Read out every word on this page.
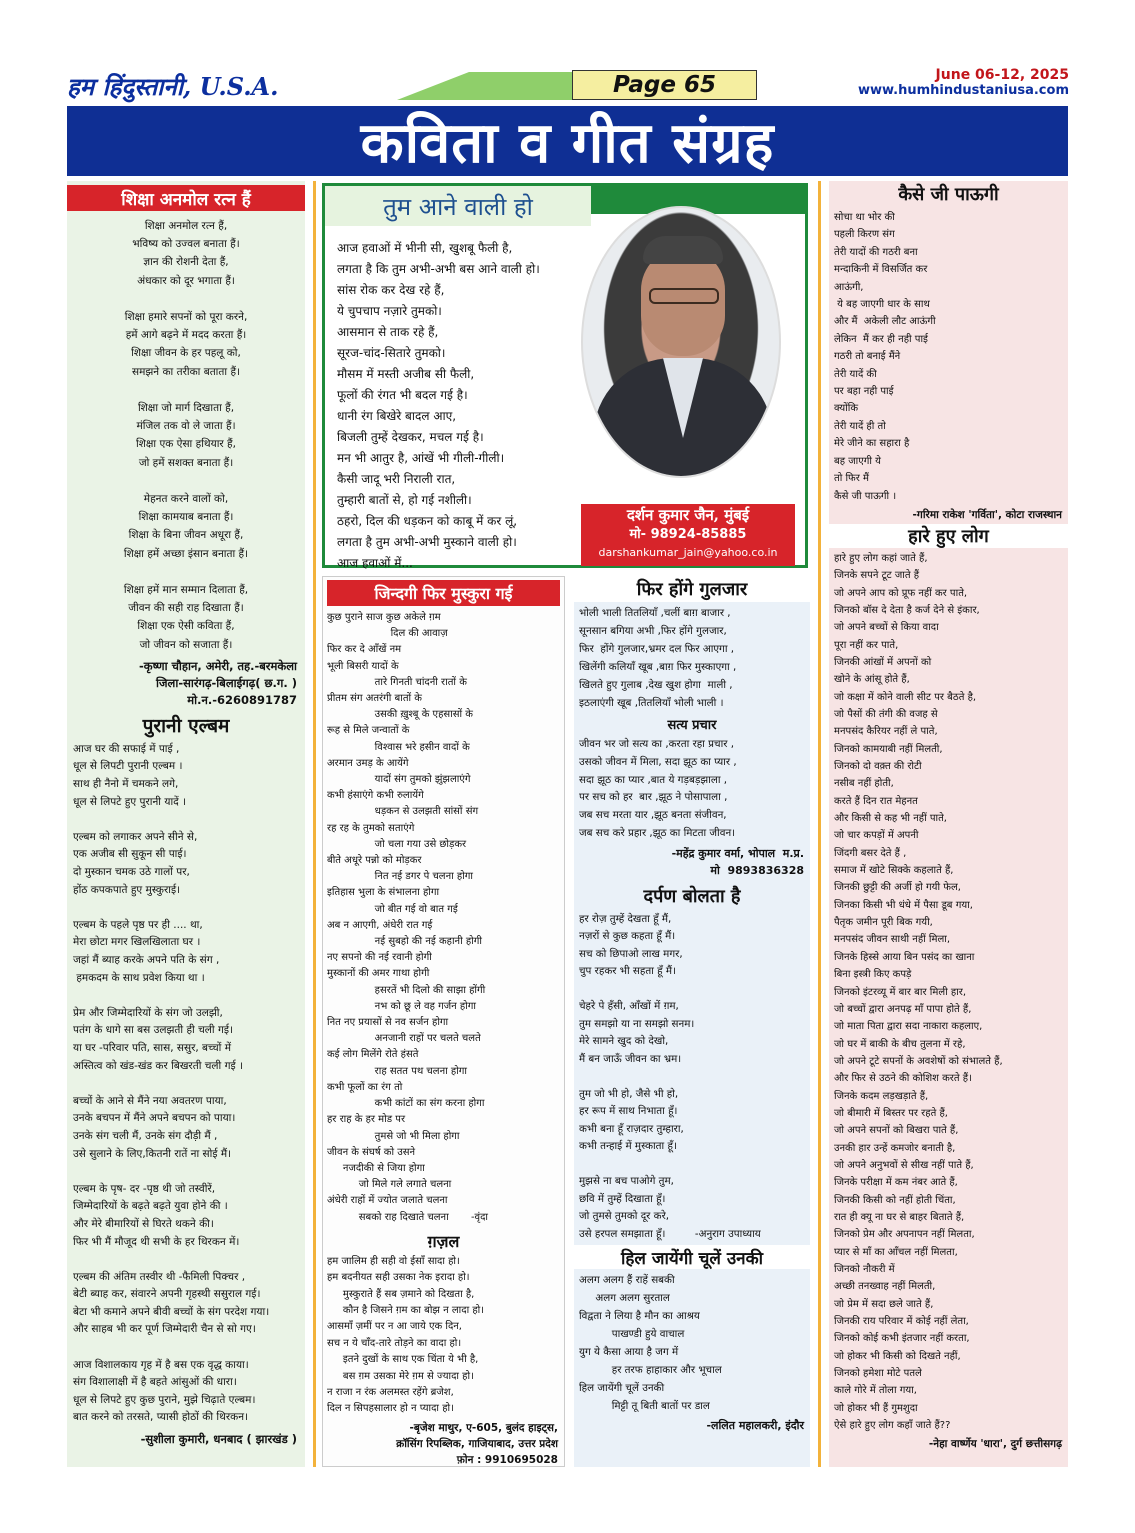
हम हिंदुस्तानी, U.S.A.	Page 65	June 06-12, 2025
www.humhindustaniusa.com
कविता व गीत संग्रह
शिक्षा अनमोल रत्न हैं
शिक्षा अनमोल रत्न हैं,
भविष्य को उज्वल बनाता हैं।
ज्ञान की रोशनी देता हैं,
अंधकार को दूर भगाता हैं।

शिक्षा हमारे सपनों को पूरा करने,
हमें आगे बढ़ने में मदद करता हैं।
शिक्षा जीवन के हर पहलू को,
समझने का तरीका बताता हैं।

शिक्षा जो मार्ग दिखाता हैं,
मंजिल तक वो ले जाता हैं।
शिक्षा एक ऐसा हथियार हैं,
जो हमें सशक्त बनाता हैं।

मेहनत करने वालों को,
शिक्षा कामयाब बनाता हैं।
शिक्षा के बिना जीवन अधूरा हैं,
शिक्षा हमें अच्छा इंसान बनाता हैं।

शिक्षा हमें मान सम्मान दिलाता हैं,
जीवन की सही राह दिखाता हैं।
शिक्षा एक ऐसी कविता हैं,
जो जीवन को सजाता हैं।
-कृष्णा चौहान, अमेरी, तह.-बरमकेला
जिला-सारंगढ़-बिलाईगढ़( छ.ग. )
मो.न.-6260891787
पुरानी एल्बम
आज घर की सफाई में पाई ,
धूल से लिपटी पुरानी एल्बम ।
साथ ही नैनो में चमकने लगे,
धूल से लिपटे हुए पुरानी यादें ।

एल्बम को लगाकर अपने सीने से,
एक अजीब सी सुकून सी पाई।
दो मुस्कान चमक उठे गालों पर,
होंठ कपकपाते हुए मुस्कुराई।

एल्बम के पहले पृष्ठ पर ही .... था,
मेरा छोटा मगर खिलखिलाता घर ।
जहां मैं ब्याह करके अपने पति के संग ,
हमकदम के साथ प्रवेश किया था ।

प्रेम और जिम्मेदारियों के संग जो उलझी,
पतंग के धागे सा बस उलझती ही चली गई।
या घर -परिवार पति, सास, ससुर, बच्चों में
अस्तित्व को खंड-खंड कर बिखरती चली गई ।

बच्चों के आने से मैंने नया अवतरण पाया,
उनके बचपन में मैंने अपने बचपन को पाया।
उनके संग चली मैं, उनके संग दौड़ी मैं ,
उसे सुलाने के लिए,कितनी रातें ना सोई मैं।

एल्बम के पृष- दर -पृष्ठ थी जो तस्वीरें,
जिम्मेदारियों के बढ़ते बढ़ते युवा होने की ।
और मेरे बीमारियों से घिरते थकने की।
फिर भी मैं मौजूद थी सभी के हर थिरकन में।

एल्बम की अंतिम तस्वीर थी -फैमिली पिक्चर ,
बेटी ब्याह कर, संवारने अपनी गृहस्थी ससुराल गई।
बेटा भी कमाने अपने बीवी बच्चों के संग परदेश गया।
और साहब भी कर पूर्ण जिम्मेदारी चैन से सो गए।

आज विशालकाय गृह में है बस एक वृद्ध काया।
संग विशालाक्षी में है बहते आंसुओं की धारा।
धूल से लिपटे हुए कुछ पुराने, मुझे चिढ़ाते एल्बम।
बात करने को तरसते, प्यासी होठों की थिरकन।
-सुशीला कुमारी, धनबाद ( झारखंड )
तुम आने वाली हो
आज हवाओं में भीनी सी, खुशबू फैली है,
लगता है कि तुम अभी-अभी बस आने वाली हो।
सांस रोक कर देख रहे हैं,
ये चुपचाप नज़ारे तुमको।
आसमान से ताक रहे हैं,
सूरज-चांद-सितारे तुमको।
मौसम में मस्ती अजीब सी फैली,
फूलों की रंगत भी बदल गई है।
धानी रंग बिखेरे बादल आए,
बिजली तुम्हें देखकर, मचल गई है।
मन भी आतुर है, आंखें भी गीली-गीली।
कैसी जादू भरी निराली रात,
तुम्हारी बातों से, हो गई नशीली।
ठहरो, दिल की धड़कन को काबू में कर लूं,
लगता है तुम अभी-अभी मुस्काने वाली हो।
आज हवाओं में...
दर्शन कुमार जैन, मुंबई
मो- 98924-85885
darshankumar_jain@yahoo.co.in
जिन्दगी फिर मुस्कुरा गई
कुछ पुराने साज कुछ अकेले ग़म
दिल की आवाज़
फिर कर दे आँखें नम
भूली बिसरी यादों के
तारे गिनती चांदनी रातों के
प्रीतम संग अतरंगी बातों के
उसकी ख़ुश्बू के एहसासों के
रूह से मिले जन्वातों के
विश्वास भरे हसीन वादों के
अरमान उमड़ के आयेंगे
यादों संग तुमको झुंझलाएंगे
कभी हंसाएंगे कभी रुलायेंगे
धड़कन से उलझती सांसों संग
रह रह के तुमको सताएंगे
जो चला गया उसे छोड़कर
बीते अधूरे पन्नो को मोड़कर
नित नई डगर पे चलना होगा
इतिहास भुला के संभालना होगा
जो बीत गई वो बात गई
अब न आएगी, अंधेरी रात गई
नई सुबहो की नई कहानी होगी
नए सपनो की नई रवानी होगी
मुस्कानों की अमर गाथा होगी
हसरतें भी दिलो की साझा होंगी
नभ को छू ले वह गर्जन होगा
नित नए प्रयासों से नव सर्जन होगा
अनजानी राहों पर चलते चलते
कई लोग मिलेंगे रोते हंसते
राह सतत पथ चलना होगा
कभी फूलों का रंग तो
कभी कांटों का संग करना होगा
हर राह के हर मोड पर
तुमसे जो भी मिला होगा
जीवन के संघर्ष को उसने
नजदीकी से जिया होगा
जो मिले गले लगाते चलना
अंधेरी राहों में ज्योत जलाते चलना
सबको राह दिखाते चलना       -वृंदा
ग़ज़ल
हम जालिम ही सही वो ईसाँ सादा हो।
हम बदनीयत सही उसका नेक इरादा हो।
मुस्कुराते हैं सब ज़माने को दिखता है,
कौन है जिसने ग़म का बोझ न लादा हो।
आसमाँ ज़मीं पर न आ जाये एक दिन,
सच न ये चाँद-तारे तोड़ने का वादा हो।
इतने दुखों के साथ एक चिंता ये भी है,
बस ग़म उसका मेरे ग़म से ज्यादा हो।
न राजा न रंक अलमस्त रहेंगे ब्रजेश,
दिल न सिपहसालार हो न प्यादा हो।
-बृजेश माथुर, ए-605, बुलंद हाइट्स,
क्रॉसिंग रिपब्लिक, गाजियाबाद, उत्तर प्रदेश
फ़ोन : 9910695028
फिर होंगे गुलजार
भोली भाली तितलियाँ ,चलीं बाग़ बाजार ,
सूनसान बगिया अभी ,फिर होंगे गुलजार,
फिर  होंगे गुलजार,भ्रमर दल फिर आएगा ,
खिलेंगी कलियाँ खूब ,बाग़ फिर मुस्काएगा ,
खिलते हुए गुलाब ,देख खुश होगा  माली ,
इठलाएंगी खूब ,तितलियाँ भोली भाली ।
सत्य प्रचार
जीवन भर जो सत्य का ,करता रहा प्रचार ,
उसको जीवन में मिला, सदा झूठ का प्यार ,
सदा झूठ का प्यार ,बात ये गड़बड़झाला ,
पर सच को हर  बार ,झूठ ने पोसापाला ,
जब सच मरता यार ,झूठ बनता संजीवन,
जब सच करे प्रहार ,झूठ का मिटता जीवन।
-महेंद्र कुमार वर्मा, भोपाल  म.प्र.
मो  9893836328
दर्पण बोलता है
हर रोज़ तुम्हें देखता हूँ मैं,
नज़रों से कुछ कहता हूँ मैं।
सच को छिपाओ लाख मगर,
चुप रहकर भी सहता हूँ मैं।

चेहरे पे हँसी, आँखों में ग़म,
तुम समझो या ना समझो सनम।
मेरे सामने खुद को देखो,
मैं बन जाऊँ जीवन का भ्रम।

तुम जो भी हो, जैसे भी हो,
हर रूप में साथ निभाता हूँ।
कभी बना हूँ राज़दार तुम्हारा,
कभी तन्हाई में मुस्काता हूँ।

मुझसे ना बच पाओगे तुम,
छवि में तुम्हें दिखाता हूँ।
जो तुमसे तुमको दूर करे,
उसे हरपल समझाता हूँ।         -अनुराग उपाध्याय
हिल जायेंगी चूलें उनकी
अलग अलग हैं राहें सबकी
अलग अलग सुरताल
विद्वता ने लिया है मौन का आश्रय
पाखण्डी हुये वाचाल
युग ये कैसा आया है जग में
हर तरफ हाहाकार और भूचाल
हिल जायेंगी चूलें उनकी
मिट्टी तू बिती बातों पर डाल
-ललित महालकरी, इंदौर
कैसे जी पाऊगी
सोचा था भोर की
पहली किरण संग
तेरी यादों की गठरी बना
मन्दाकिनी में विसर्जित कर
आऊंगी,
ये बह जाएगी धार के साथ
और मैं  अकेली लौट आऊंगी
लेकिन  मैं कर ही नही पाई
गठरी तो बनाई मैंने
तेरी यादें की
पर बहा नही पाई
क्योंकि
तेरी यादें ही तो
मेरे जीने का सहारा है
बह जाएगी ये
तो फिर मैं
कैसे जी पाऊगी ।
-गरिमा राकेश 'गर्विता', कोटा राजस्थान
हारे हुए लोग
हारे हुए लोग कहां जाते हैं,
जिनके सपने टूट जाते हैं
जो अपने आप को प्रूफ नहीं कर पाते,
जिनको बॉस दे देता है कर्ज देने से इंकार,
जो अपने बच्चों से किया वादा
पूरा नहीं कर पाते,
जिनकी आंखों में अपनों को
खोने के आंसू होते हैं,
जो कक्षा में कोने वाली सीट पर बैठते है,
जो पैसों की तंगी की वजह से
मनपसंद कैरियर नहीं ले पाते,
जिनको कामयाबी नहीं मिलती,
जिनको दो वक़्त की रोटी
नसीब नहीं होती,
करते हैं दिन रात मेहनत
और किसी से कह भी नहीं पाते,
जो चार कपड़ों में अपनी
जिंदगी बसर देते हैं ,
समाज में खोटे सिक्के कहलाते हैं,
जिनकी छुट्टी की अर्जी हो गयी फेल,
जिनका किसी भी धंधे में पैसा डूब गया,
पैतृक जमीन पूरी बिक गयी,
मनपसंद जीवन साथी नहीं मिला,
जिनके हिस्से आया बिन पसंद का खाना
बिना इस्त्री किए कपड़े
जिनको इंटरव्यू में बार बार मिली हार,
जो बच्चों द्वारा अनपढ़ माँ पापा होते हैं,
जो माता पिता द्वारा सदा नाकारा कहलाए,
जो घर में बाकी के बीच तुलना में रहे,
जो अपने टूटे सपनों के अवशेषों को संभालते हैं,
और फिर से उठने की कोशिश करते हैं।
जिनके कदम लड़खड़ाते हैं,
जो बीमारी में बिस्तर पर रहते हैं,
जो अपने सपनों को बिखरा पाते हैं,
उनकी हार उन्हें कमजोर बनाती है,
जो अपने अनुभवों से सीख नहीं पाते हैं,
जिनके परीक्षा में कम नंबर आते हैं,
जिनकी किसी को नहीं होती चिंता,
रात ही क्यू ना घर से बाहर बिताते हैं,
जिनको प्रेम और अपनापन नहीं मिलता,
प्यार से माँ का आँचल नहीं मिलता,
जिनको नौकरी में
अच्छी तनख्वाह नहीं मिलती,
जो प्रेम में सदा छले जाते हैं,
जिनकी राय परिवार में कोई नहीं लेता,
जिनको कोई कभी इंतजार नहीं करता,
जो होकर भी किसी को दिखते नहीं,
जिनको हमेशा मोटे पतले
काले गोरे में तोला गया,
जो होकर भी हैं गुमशुदा
ऐसे हारे हुए लोग कहाँ जाते हैं??
-नेहा वार्ष्णेय 'धारा', दुर्ग छत्तीसगढ़
